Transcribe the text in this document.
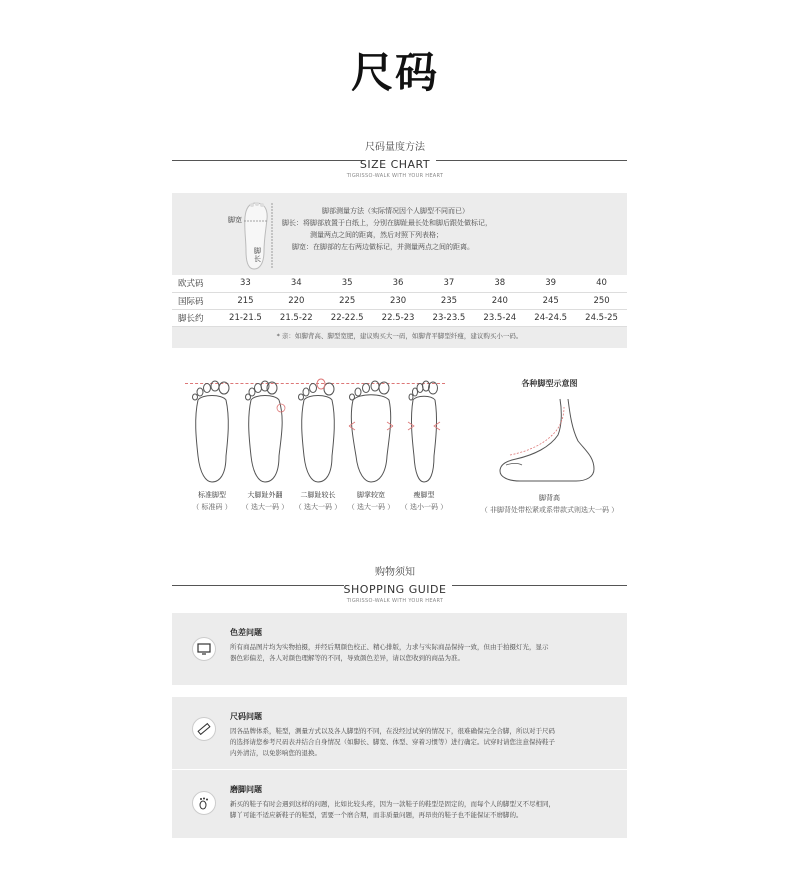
尺码
尺码量度方法
SIZE CHART
TIGRISSO-WALK WITH YOUR HEART
脚宽
脚长
脚部测量方法（实际情况因个人脚型不同而已）
脚长：将脚部放置于白纸上，分别在脚趾最长处和脚后跟处做标记，
测量两点之间的距离，然后对照下列表格；
脚宽：在脚部的左右两边做标记，并测量两点之间的距离。
欧式码	33	34	35	36	37	38	39	40
国际码	215	220	225	230	235	240	245	250
脚长约	21-21.5	21.5-22	22-22.5	22.5-23	23-23.5	23.5-24	24-24.5	24.5-25
* 亲：如脚背高、脚型宽肥，建议购买大一码，如脚背平脚型纤瘦，建议购买小一码。
标准脚型
（ 标准码 ）
大脚趾外翻
（ 选大一码 ）
二脚趾较长
（ 选大一码 ）
脚掌较宽
（ 选大一码 ）
瘦脚型
（ 选小一码 ）
各种脚型示意图
脚背高
（ 非脚背处带松紧或系带款式则选大一码 ）
购物须知
SHOPPING GUIDE
TIGRISSO-WALK WITH YOUR HEART
色差问题
所有商品图片均为实物拍摄，并经后期颜色校正、精心排版，力求与实际商品保持一致，但由于拍摄灯光，显示
器色彩偏差，各人对颜色理解等的不同，导致颜色差异，请以您收到的商品为准。
尺码问题
因各品牌体系，鞋型，测量方式以及各人脚型的不同，在没经过试穿的情况下，很难确保完全合脚，所以对于尺码
的选择请您参考尺码表并结合自身情况（如脚长、脚宽、体型、穿着习惯等）进行确定。试穿时请您注意保持鞋子
内外清洁，以免影响您的退换。
磨脚问题
新买的鞋子有时会遇到这样的问题，比如比较头疼，因为一款鞋子的鞋型是固定的，而每个人的脚型又不尽相同，
脚丫可能不适应新鞋子的鞋型，需要一个磨合期，而非质量问题，再昂贵的鞋子也不能保证不磨脚的。
